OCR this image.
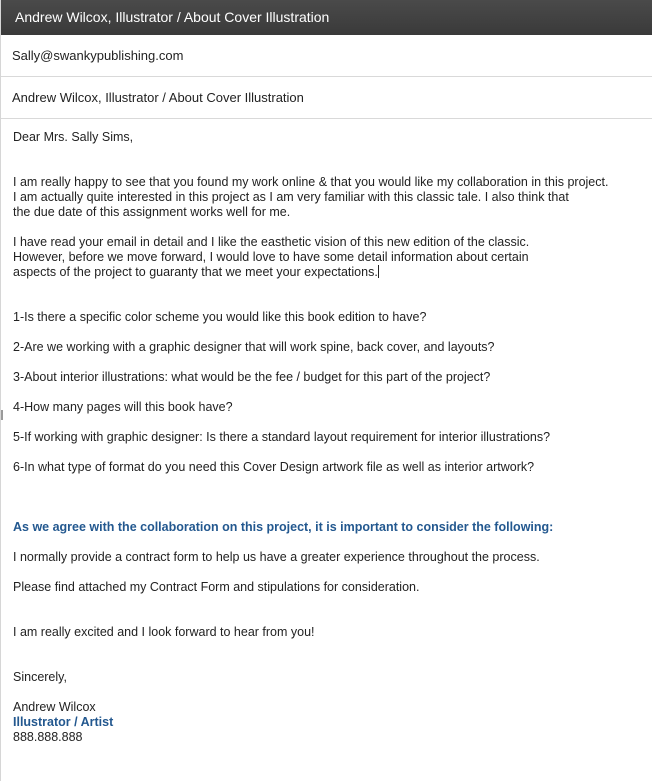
Andrew Wilcox, Illustrator / About Cover Illustration
Sally@swankypublishing.com
Andrew Wilcox, Illustrator / About Cover Illustration

Dear Mrs. Sally Sims,

I am really happy to see that you found my work online & that you would like my collaboration in this project.

I am actually quite interested in this project as I am very familiar with this classic tale. I also think that

the due date of this assignment works well for me.

I have read your email in detail and I like the easthetic vision of this new edition of the classic.

However, before we move forward, I would love to have some detail information about certain

aspects of the project to guaranty that we meet your expectations.

1-Is there a specific color scheme you would like this book edition to have?

2-Are we working with a graphic designer that will work spine, back cover, and layouts?

3-About interior illustrations: what would be the fee / budget for this part of the project?

4-How many pages will this book have?

5-If working with graphic designer: Is there a standard layout requirement for interior illustrations?

6-In what type of format do you need this Cover Design artwork file as well as interior artwork?

As we agree with the collaboration on this project, it is important to consider the following:

I normally provide a contract form to help us have a greater experience throughout the process.

Please find attached my Contract Form and stipulations for consideration.

I am really excited and I look forward to hear from you!

Sincerely,

Andrew Wilcox

Illustrator / Artist

888.888.888
